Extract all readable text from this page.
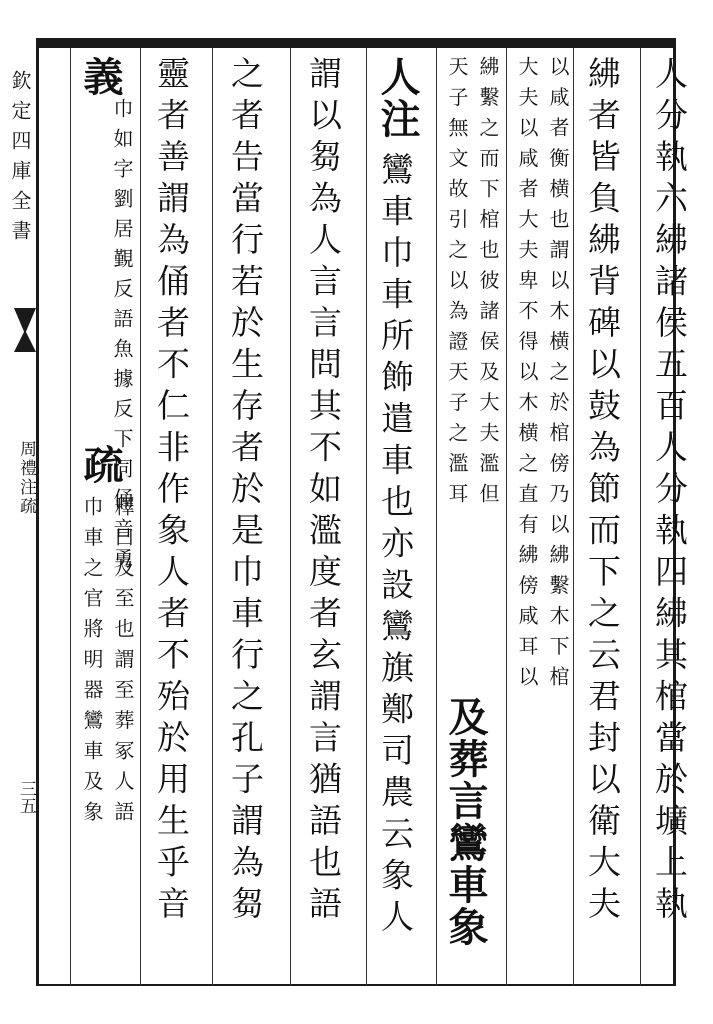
欽定四庫全書
周禮注疏
三五	人分執六紼諸侯五百人分執四紼其棺當於壙上執
紼者皆負紼背碑以鼓為節而下之云君封以衛大夫
以咸者衡横也謂以木横之於棺傍乃以紼繫木下棺
大夫以咸者大夫卑不得以木横之直有紼傍咸耳以
紼繫之而下棺也彼諸侯及大夫濫但
天子無文故引之以為證天子之濫耳
及葬言鸞車象
人注
鸞車巾車所飾遣車也亦設鸞旗鄭司農云象人
謂以芻為人言言問其不如濫度者玄謂言猶語也語
之者告當行若於生存者於是巾車行之孔子謂為芻
靈者善謂為俑者不仁非作象人者不殆於用生乎音
義
巾如字劉居覲反語魚據反下同俑音勇
疏
釋曰及至也謂至葬冢人語
巾車之官將明器鸞車及象
